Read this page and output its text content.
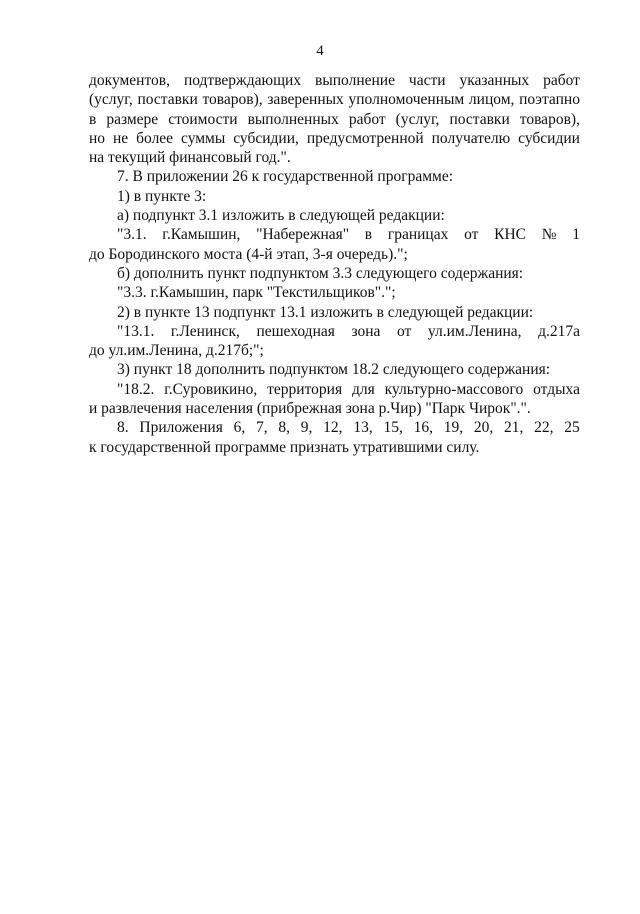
4
документов, подтверждающих выполнение части указанных работ
(услуг, поставки товаров), заверенных уполномоченным лицом, поэтапно
в размере стоимости выполненных работ (услуг, поставки товаров),
но не более суммы субсидии, предусмотренной получателю субсидии
на текущий финансовый год.".
7. В приложении 26 к государственной программе:
1) в пункте 3:
а) подпункт 3.1 изложить в следующей редакции:
"3.1. г.Камышин, "Набережная" в границах от КНС № 1
до Бородинского моста (4-й этап, 3-я очередь).";
б) дополнить пункт подпунктом 3.3 следующего содержания:
"3.3. г.Камышин, парк "Текстильщиков".";
2) в пункте 13 подпункт 13.1 изложить в следующей редакции:
"13.1. г.Ленинск, пешеходная зона от ул.им.Ленина, д.217а
до ул.им.Ленина, д.217б;";
3) пункт 18 дополнить подпунктом 18.2 следующего содержания:
"18.2. г.Суровикино, территория для культурно-массового отдыха
и развлечения населения (прибрежная зона р.Чир) "Парк Чирок".".
8. Приложения 6, 7, 8, 9, 12, 13, 15, 16, 19, 20, 21, 22, 25
к государственной программе признать утратившими силу.
